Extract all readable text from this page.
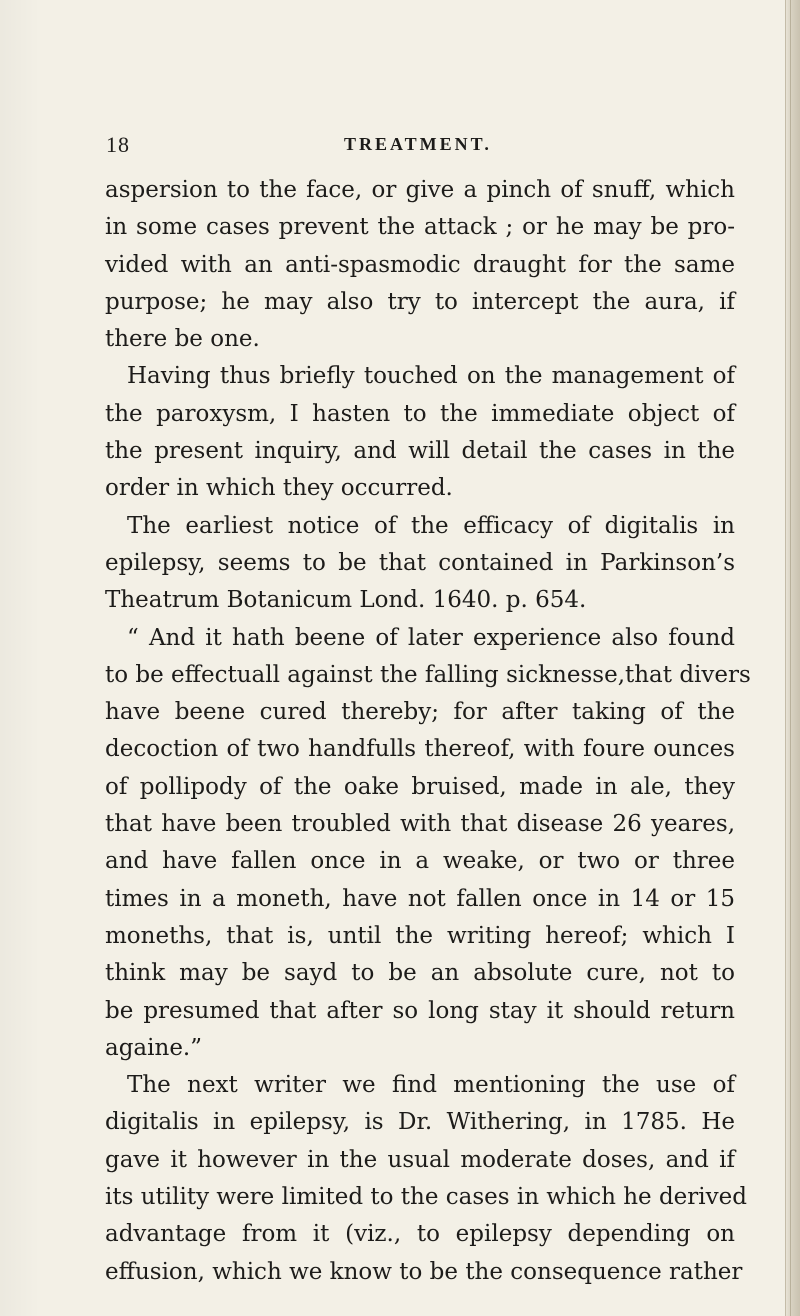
18	TREATMENT.
aspersion to the face, or give a pinch of snuff, which
in some cases prevent the attack ; or he may be pro-
vided with an anti-spasmodic draught for the same
purpose; he may also try to intercept the aura, if
there be one.
Having thus briefly touched on the management of
the paroxysm, I hasten to the immediate object of
the present inquiry, and will detail the cases in the
order in which they occurred.
The earliest notice of the efficacy of digitalis in
epilepsy, seems to be that contained in Parkinson’s
Theatrum Botanicum Lond. 1640. p. 654.
“ And it hath beene of later experience also found
to be effectuall against the falling sicknesse,that divers
have beene cured thereby; for after taking of the
decoction of two handfulls thereof, with foure ounces
of pollipody of the oake bruised, made in ale, they
that have been troubled with that disease 26 yeares,
and have fallen once in a weake, or two or three
times in a moneth, have not fallen once in 14 or 15
moneths, that is, until the writing hereof; which I
think may be sayd to be an absolute cure, not to
be presumed that after so long stay it should return
againe.”
The next writer we find mentioning the use of
digitalis in epilepsy, is Dr. Withering, in 1785. He
gave it however in the usual moderate doses, and if
its utility were limited to the cases in which he derived
advantage from it (viz., to epilepsy depending on
effusion, which we know to be the consequence rather
